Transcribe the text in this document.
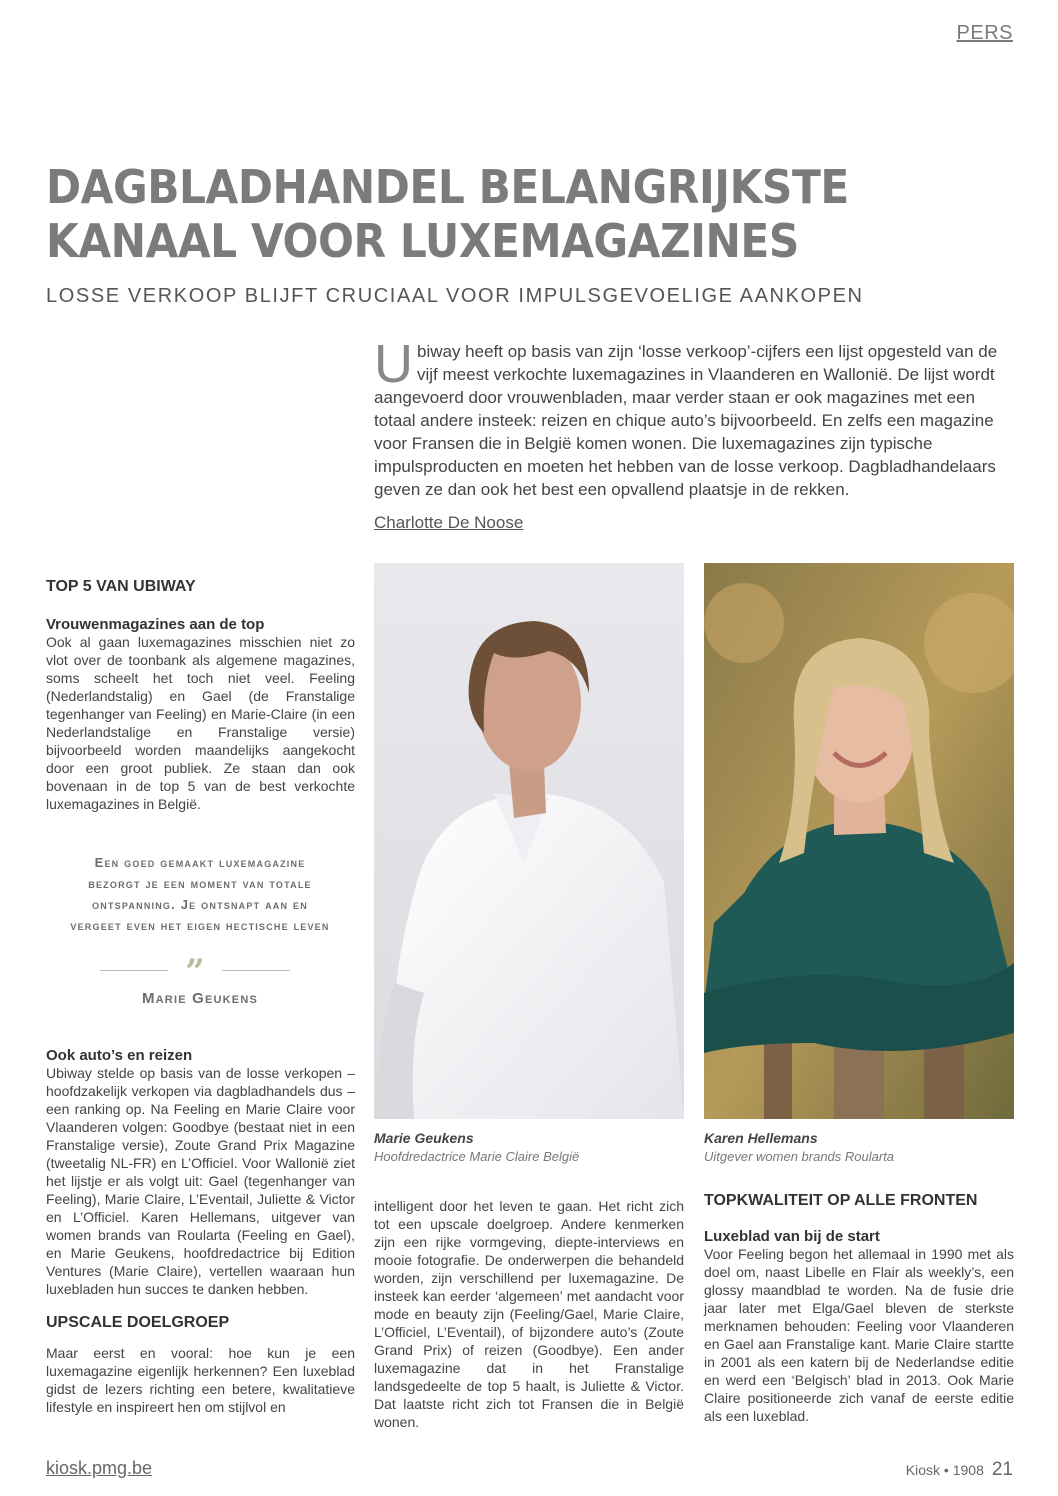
PERS
DAGBLADHANDEL BELANGRIJKSTE KANAAL VOOR LUXEMAGAZINES
LOSSE VERKOOP BLIJFT CRUCIAAL VOOR IMPULSGEVOELIGE AANKOPEN

Ubiway heeft op basis van zijn ‘losse verkoop’-cijfers een lijst opgesteld van de vijf meest verkochte luxemagazines in Vlaanderen en Wallonië. De lijst wordt aangevoerd door vrouwenbladen, maar verder staan er ook magazines met een totaal andere insteek: reizen en chique auto’s bijvoorbeeld. En zelfs een magazine voor Fransen die in België komen wonen. Die luxemagazines zijn typische impulsproducten en moeten het hebben van de losse verkoop. Dagbladhandelaars geven ze dan ook het best een opvallend plaatsje in de rekken.

Charlotte De Noose

TOP 5 VAN UBIWAY

Vrouwenmagazines aan de top

Ook al gaan luxemagazines misschien niet zo vlot over de toonbank als algemene magazines, soms scheelt het toch niet veel. Feeling (Nederlandstalig) en Gael (de Franstalige tegenhanger van Feeling) en Marie-Claire (in een Nederlandstalige en Franstalige versie) bijvoorbeeld worden maandelijks aangekocht door een groot publiek. Ze staan dan ook bovenaan in de top 5 van de best verkochte luxemagazines in België.

Een goed gemaakt luxemagazine bezorgt je een moment van totale ontspanning. Je ontsnapt aan en vergeet even het eigen hectische leven
”
Marie Geukens

Ook auto’s en reizen

Ubiway stelde op basis van de losse verkopen – hoofdzakelijk verkopen via dagbladhandels dus – een ranking op. Na Feeling en Marie Claire voor Vlaanderen volgen: Goodbye (bestaat niet in een Franstalige versie), Zoute Grand Prix Magazine (tweetalig NL-FR) en L’Officiel. Voor Wallonië ziet het lijstje er als volgt uit: Gael (tegenhanger van Feeling), Marie Claire, L’Eventail, Juliette & Victor en L’Officiel. Karen Hellemans, uitgever van women brands van Roularta (Feeling en Gael), en Marie Geukens, hoofdredactrice bij Edition Ventures (Marie Claire), vertellen waaraan hun luxebladen hun succes te danken hebben.

UPSCALE DOELGROEP

Maar eerst en vooral: hoe kun je een luxemagazine eigenlijk herkennen? Een luxeblad gidst de lezers richting een betere, kwalitatieve lifestyle en inspireert hen om stijlvol en

Marie Geukens
Hoofdredactrice Marie Claire België
Karen Hellemans
Uitgever women brands Roularta

intelligent door het leven te gaan. Het richt zich tot een upscale doelgroep. Andere kenmerken zijn een rijke vormgeving, diepte-interviews en mooie fotografie. De onderwerpen die behandeld worden, zijn verschillend per luxemagazine. De insteek kan eerder ‘algemeen’ met aandacht voor mode en beauty zijn (Feeling/Gael, Marie Claire, L’Officiel, L’Eventail), of bijzondere auto’s (Zoute Grand Prix) of reizen (Goodbye). Een ander luxemagazine dat in het Franstalige landsgedeelte de top 5 haalt, is Juliette & Victor. Dat laatste richt zich tot Fransen die in België wonen.

TOPKWALITEIT OP ALLE FRONTEN

Luxeblad van bij de start

Voor Feeling begon het allemaal in 1990 met als doel om, naast Libelle en Flair als weekly’s, een glossy maandblad te worden. Na de fusie drie jaar later met Elga/Gael bleven de sterkste merknamen behouden: Feeling voor Vlaanderen en Gael aan Franstalige kant. Marie Claire startte in 2001 als een katern bij de Nederlandse editie en werd een ‘Belgisch’ blad in 2013. Ook Marie Claire positioneerde zich vanaf de eerste editie als een luxeblad.

kiosk.pmg.be	Kiosk • 1908 21
